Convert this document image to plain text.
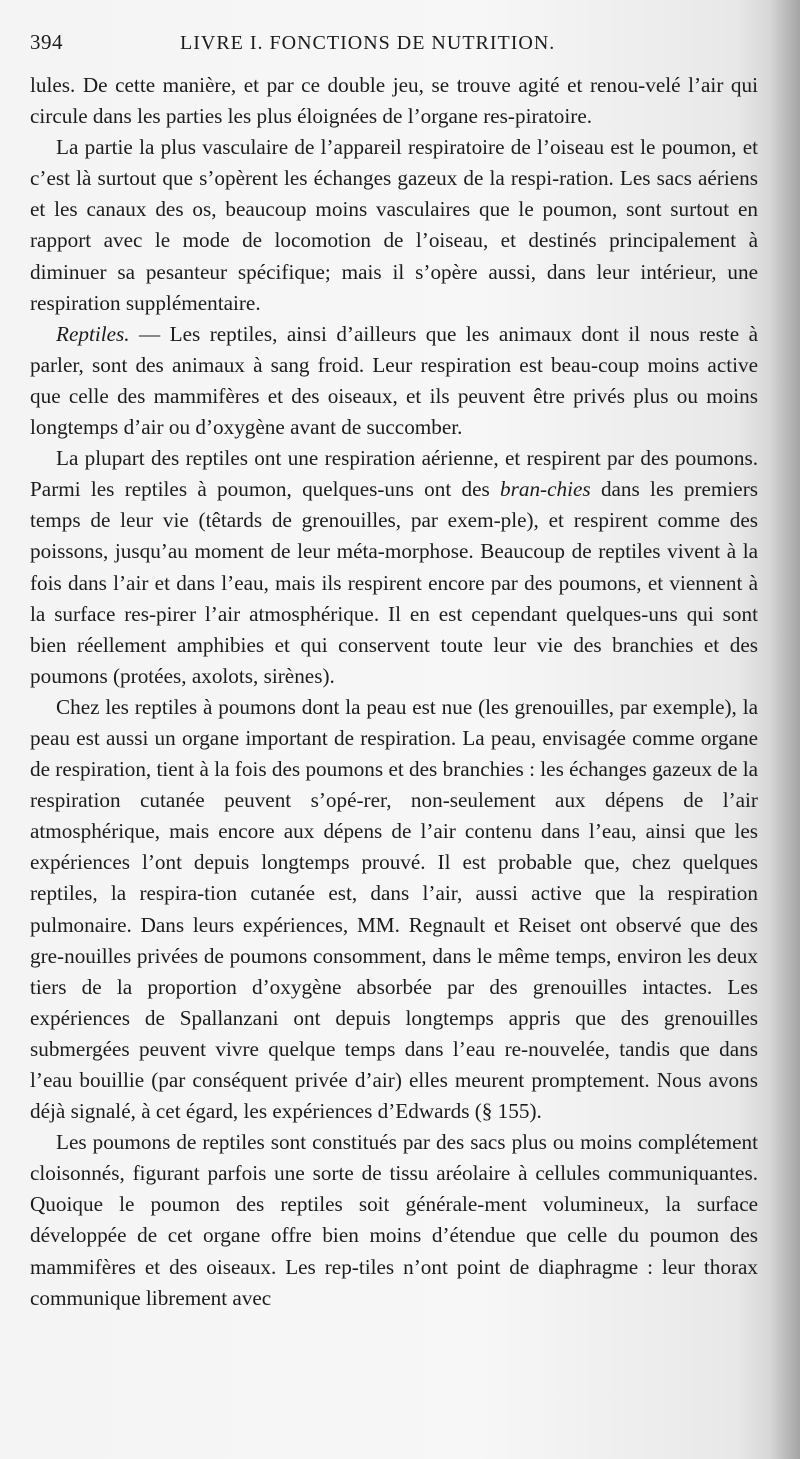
394	LIVRE I. FONCTIONS DE NUTRITION.

lules. De cette manière, et par ce double jeu, se trouve agité et renou-velé l’air qui circule dans les parties les plus éloignées de l’organe res-piratoire.

La partie la plus vasculaire de l’appareil respiratoire de l’oiseau est le poumon, et c’est là surtout que s’opèrent les échanges gazeux de la respi-ration. Les sacs aériens et les canaux des os, beaucoup moins vasculaires que le poumon, sont surtout en rapport avec le mode de locomotion de l’oiseau, et destinés principalement à diminuer sa pesanteur spécifique; mais il s’opère aussi, dans leur intérieur, une respiration supplémentaire.

Reptiles. — Les reptiles, ainsi d’ailleurs que les animaux dont il nous reste à parler, sont des animaux à sang froid. Leur respiration est beau-coup moins active que celle des mammifères et des oiseaux, et ils peuvent être privés plus ou moins longtemps d’air ou d’oxygène avant de succomber.

La plupart des reptiles ont une respiration aérienne, et respirent par des poumons. Parmi les reptiles à poumon, quelques-uns ont des bran-chies dans les premiers temps de leur vie (têtards de grenouilles, par exem-ple), et respirent comme des poissons, jusqu’au moment de leur méta-morphose. Beaucoup de reptiles vivent à la fois dans l’air et dans l’eau, mais ils respirent encore par des poumons, et viennent à la surface res-pirer l’air atmosphérique. Il en est cependant quelques-uns qui sont bien réellement amphibies et qui conservent toute leur vie des branchies et des poumons (protées, axolots, sirènes).

Chez les reptiles à poumons dont la peau est nue (les grenouilles, par exemple), la peau est aussi un organe important de respiration. La peau, envisagée comme organe de respiration, tient à la fois des poumons et des branchies : les échanges gazeux de la respiration cutanée peuvent s’opé-rer, non-seulement aux dépens de l’air atmosphérique, mais encore aux dépens de l’air contenu dans l’eau, ainsi que les expériences l’ont depuis longtemps prouvé. Il est probable que, chez quelques reptiles, la respira-tion cutanée est, dans l’air, aussi active que la respiration pulmonaire. Dans leurs expériences, MM. Regnault et Reiset ont observé que des gre-nouilles privées de poumons consomment, dans le même temps, environ les deux tiers de la proportion d’oxygène absorbée par des grenouilles intactes. Les expériences de Spallanzani ont depuis longtemps appris que des grenouilles submergées peuvent vivre quelque temps dans l’eau re-nouvelée, tandis que dans l’eau bouillie (par conséquent privée d’air) elles meurent promptement. Nous avons déjà signalé, à cet égard, les expériences d’Edwards (§ 155).

Les poumons de reptiles sont constitués par des sacs plus ou moins complétement cloisonnés, figurant parfois une sorte de tissu aréolaire à cellules communiquantes. Quoique le poumon des reptiles soit générale-ment volumineux, la surface développée de cet organe offre bien moins d’étendue que celle du poumon des mammifères et des oiseaux. Les rep-tiles n’ont point de diaphragme : leur thorax communique librement avec
